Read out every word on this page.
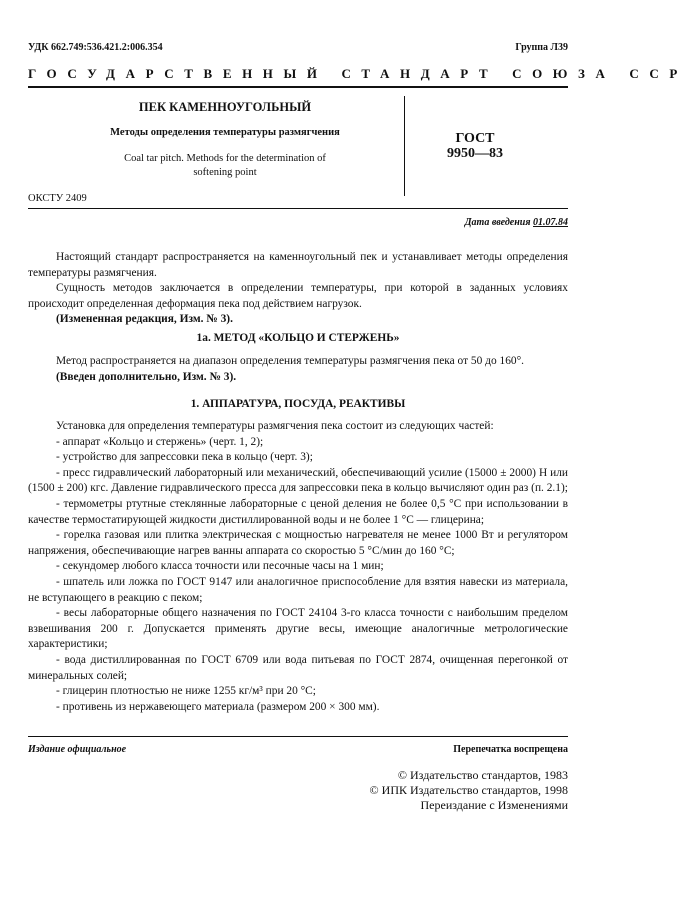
УДК 662.749:536.421.2:006.354	Группа Л39
ГОСУДАРСТВЕННЫЙ СТАНДАРТ СОЮЗА ССР
ПЕК КАМЕННОУГОЛЬНЫЙ
Методы определения температуры размягчения
Coal tar pitch. Methods for the determination of
softening point
ГОСТ
9950—83
ОКСТУ 2409
Дата введения 01.07.84

Настоящий стандарт распространяется на каменноугольный пек и устанавливает методы определения температуры размягчения.

Сущность методов заключается в определении температуры, при которой в заданных условиях происходит определенная деформация пека под действием нагрузок.

(Измененная редакция, Изм. № 3).

1а. МЕТОД «КОЛЬЦО И СТЕРЖЕНЬ»

Метод распространяется на диапазон определения температуры размягчения пека от 50 до 160°.

(Введен дополнительно, Изм. № 3).

1. АППАРАТУРА, ПОСУДА, РЕАКТИВЫ
Установка для определения температуры размягчения пека состоит из следующих частей:
- аппарат «Кольцо и стержень» (черт. 1, 2);
- устройство для запрессовки пека в кольцо (черт. 3);
- пресс гидравлический лабораторный или механический, обеспечивающий усилие (15000 ± 2000) Н или (1500 ± 200) кгс. Давление гидравлического пресса для запрессовки пека в кольцо вычисляют один раз (п. 2.1);
- термометры ртутные стеклянные лабораторные с ценой деления не более 0,5 °С при использовании в качестве термостатирующей жидкости дистиллированной воды и не более 1 °С — глицерина;
- горелка газовая или плитка электрическая с мощностью нагревателя не менее 1000 Вт и регулятором напряжения, обеспечивающие нагрев ванны аппарата со скоростью 5 °С/мин до 160 °С;
- секундомер любого класса точности или песочные часы на 1 мин;
- шпатель или ложка по ГОСТ 9147 или аналогичное приспособление для взятия навески из материала, не вступающего в реакцию с пеком;
- весы лабораторные общего назначения по ГОСТ 24104 3-го класса точности с наибольшим пределом взвешивания 200 г. Допускается применять другие весы, имеющие аналогичные метрологические характеристики;
- вода дистиллированная по ГОСТ 6709 или вода питьевая по ГОСТ 2874, очищенная перегонкой от минеральных солей;
- глицерин плотностью не ниже 1255 кг/м³ при 20 °С;
- противень из нержавеющего материала (размером 200 × 300 мм).
Издание официальное	Перепечатка воспрещена
© Издательство стандартов, 1983
© ИПК Издательство стандартов, 1998
Переиздание с Изменениями
